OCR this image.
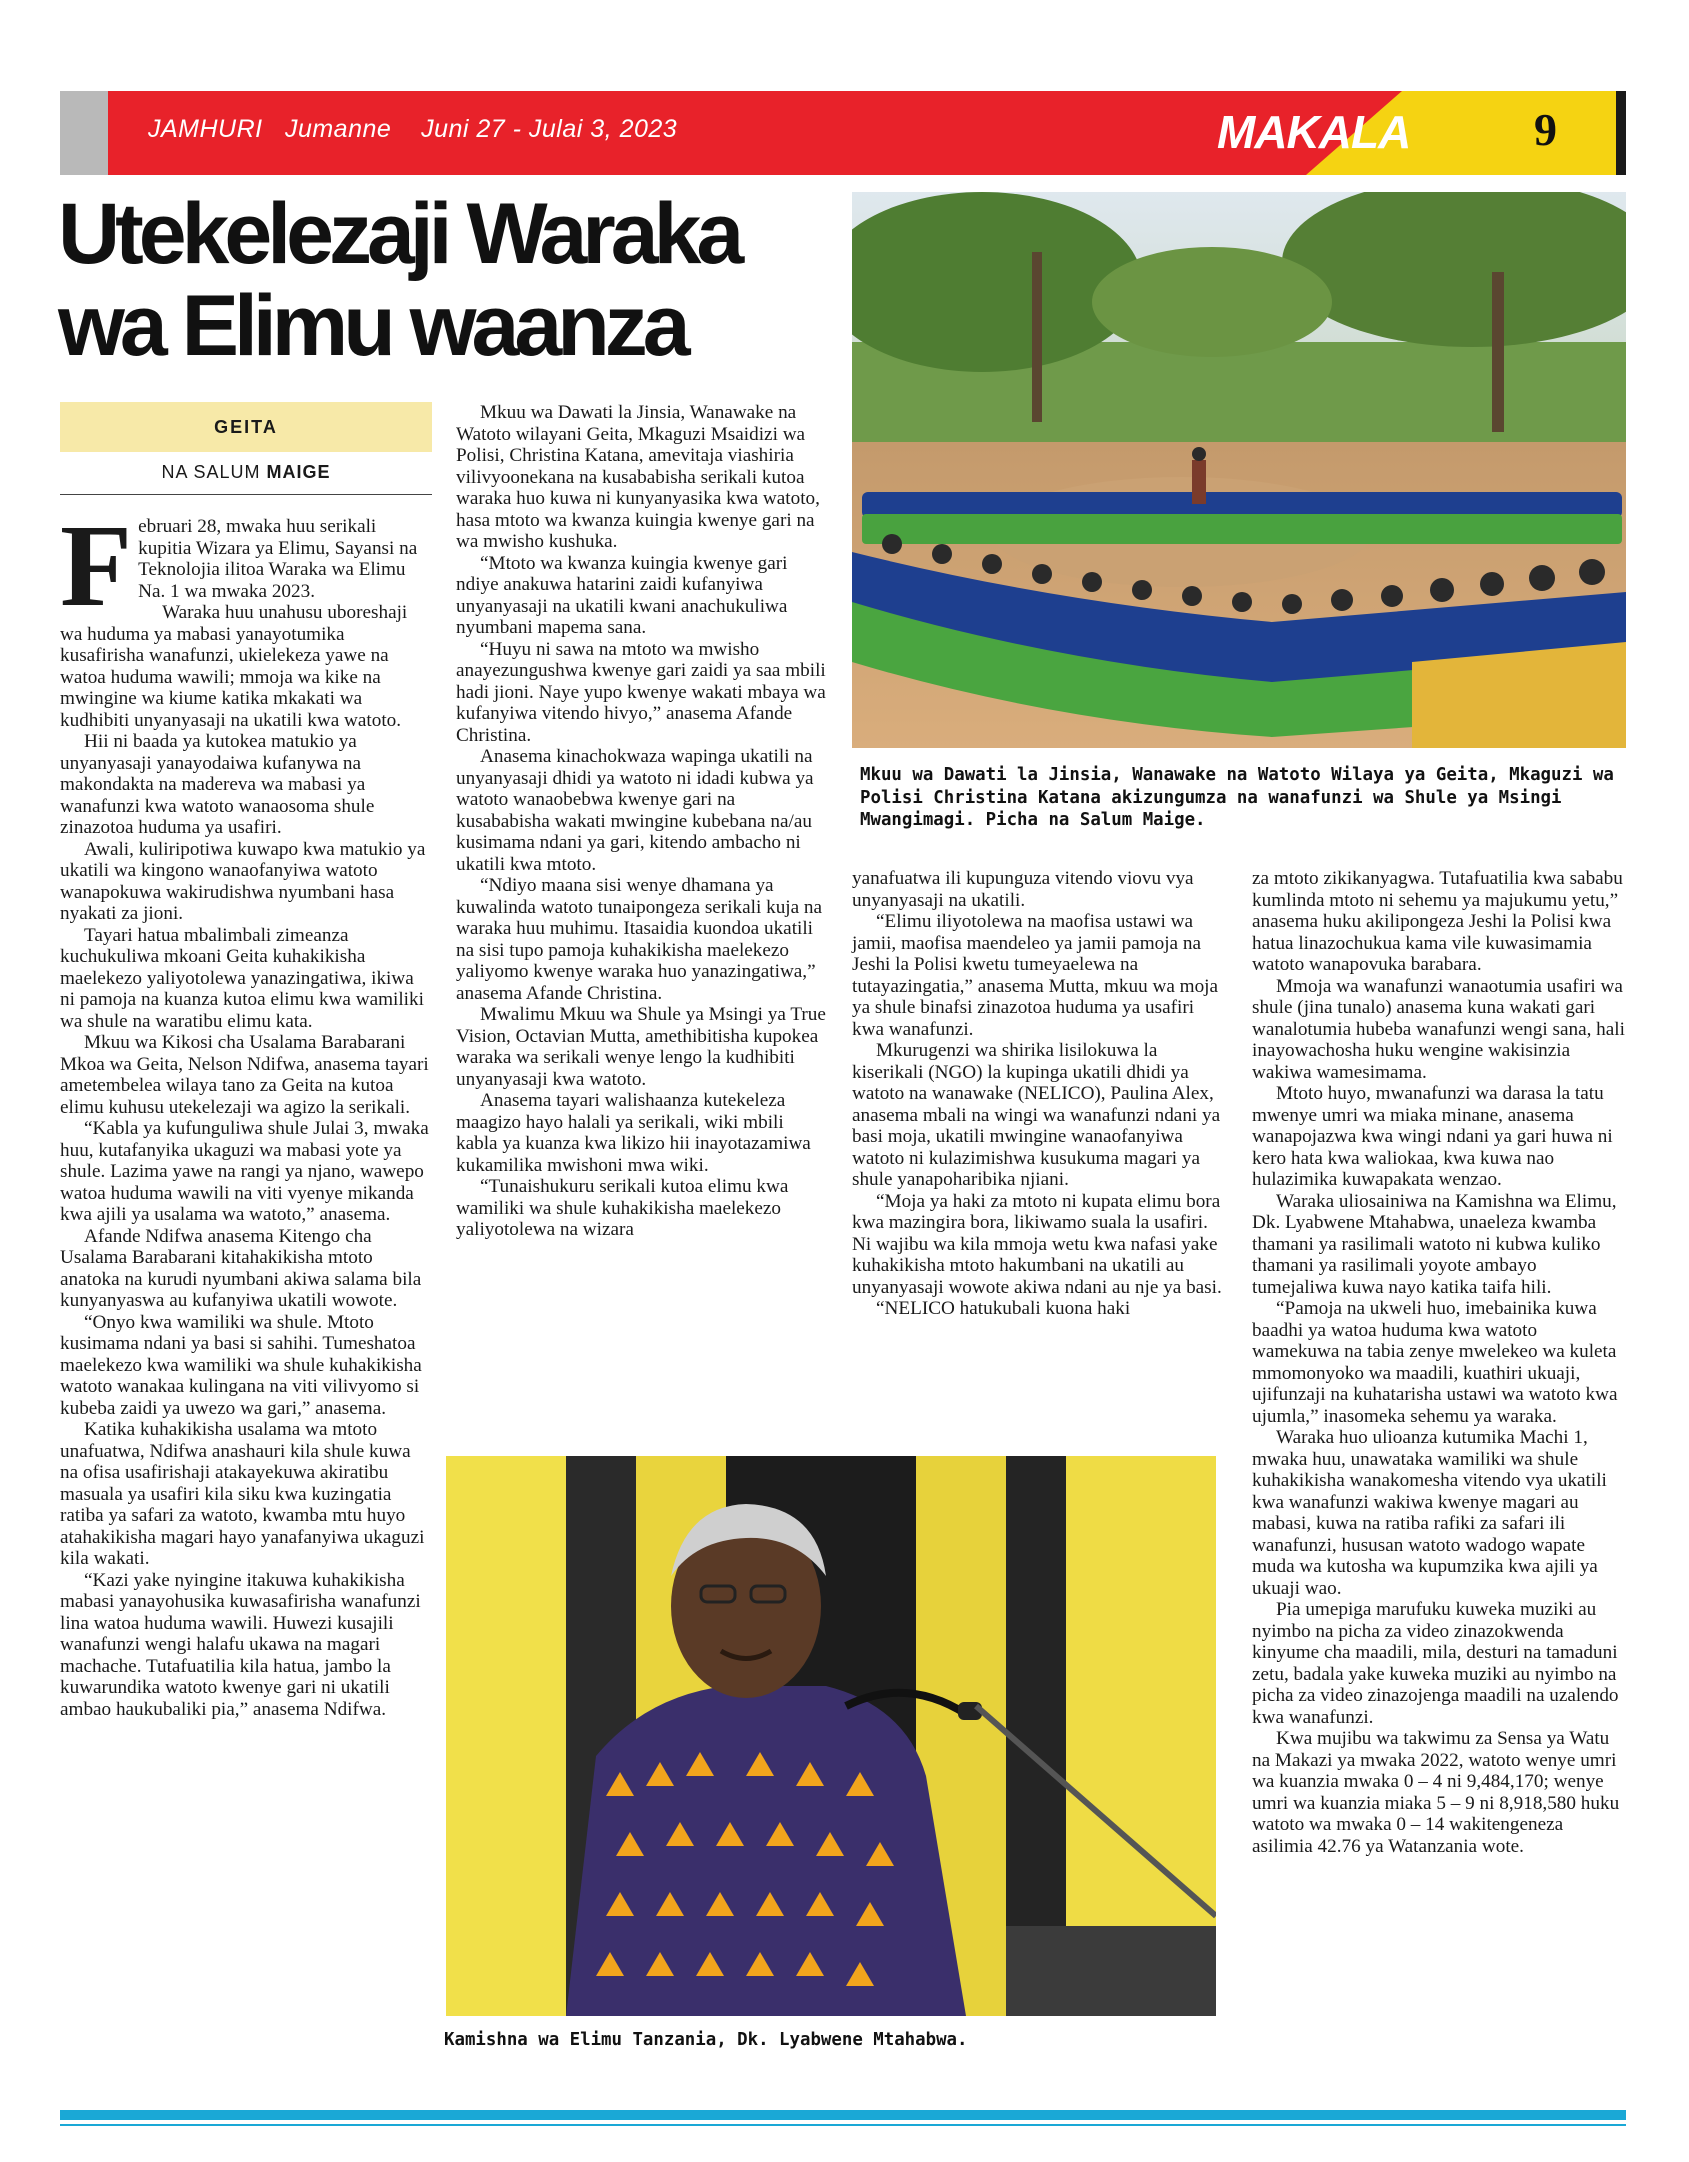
JAMHURI   Jumanne    Juni 27 - Julai 3, 2023	MAKALA	9
Utekelezaji Waraka
wa Elimu waanza
GEITA
NA SALUM MAIGE
Mkuu wa Dawati la Jinsia, Wanawake na Watoto Wilaya ya Geita, Mkaguzi wa Polisi Christina Katana akizungumza na wanafunzi wa Shule ya Msingi Mwangimagi. Picha na Salum Maige.

Februari 28, mwaka huu serikali kupitia Wizara ya Elimu, Sayansi na Teknolojia ilitoa Waraka wa Elimu Na. 1 wa mwaka 2023.

Waraka huu unahusu uboreshaji wa huduma ya mabasi yanayotumika kusafirisha wanafunzi, ukielekeza yawe na watoa huduma wawili; mmoja wa kike na mwingine wa kiume katika mkakati wa kudhibiti unyanyasaji na ukatili kwa watoto.

Hii ni baada ya kutokea matukio ya unyanyasaji yanayodaiwa kufanywa na makondakta na madereva wa mabasi ya wanafunzi kwa watoto wanaosoma shule zinazotoa huduma ya usafiri.

Awali, kuliripotiwa kuwapo kwa matukio ya ukatili wa kingono wanaofanyiwa watoto wanapokuwa wakirudishwa nyumbani hasa nyakati za jioni.

Tayari hatua mbalimbali zimeanza kuchukuliwa mkoani Geita kuhakikisha maelekezo yaliyotolewa yanazingatiwa, ikiwa ni pamoja na kuanza kutoa elimu kwa wamiliki wa shule na waratibu elimu kata.

Mkuu wa Kikosi cha Usalama Barabarani Mkoa wa Geita, Nelson Ndifwa, anasema tayari ametembelea wilaya tano za Geita na kutoa elimu kuhusu utekelezaji wa agizo la serikali.

“Kabla ya kufunguliwa shule Julai 3, mwaka huu, kutafanyika ukaguzi wa mabasi yote ya shule. Lazima yawe na rangi ya njano, wawepo watoa huduma wawili na viti vyenye mikanda kwa ajili ya usalama wa watoto,” anasema.

Afande Ndifwa anasema Kitengo cha Usalama Barabarani kitahakikisha mtoto anatoka na kurudi nyumbani akiwa salama bila kunyanyaswa au kufanyiwa ukatili wowote.

“Onyo kwa wamiliki wa shule. Mtoto kusimama ndani ya basi si sahihi. Tumeshatoa maelekezo kwa wamiliki wa shule kuhakikisha watoto wanakaa kulingana na viti vilivyomo si kubeba zaidi ya uwezo wa gari,” anasema.

Katika kuhakikisha usalama wa mtoto unafuatwa, Ndifwa anashauri kila shule kuwa na ofisa usafirishaji atakayekuwa akiratibu masuala ya usafiri kila siku kwa kuzingatia ratiba ya safari za watoto, kwamba mtu huyo atahakikisha magari hayo yanafanyiwa ukaguzi kila wakati.

“Kazi yake nyingine itakuwa kuhakikisha mabasi yanayohusika kuwasafirisha wanafunzi lina watoa huduma wawili. Huwezi kusajili wanafunzi wengi halafu ukawa na magari machache. Tutafuatilia kila hatua, jambo la kuwarundika watoto kwenye gari ni ukatili ambao haukubaliki pia,” anasema Ndifwa.

Mkuu wa Dawati la Jinsia, Wanawake na Watoto wilayani Geita, Mkaguzi Msaidizi wa Polisi, Christina Katana, amevitaja viashiria vilivyoonekana na kusababisha serikali kutoa waraka huo kuwa ni kunyanyasika kwa watoto, hasa mtoto wa kwanza kuingia kwenye gari na wa mwisho kushuka.

“Mtoto wa kwanza kuingia kwenye gari ndiye anakuwa hatarini zaidi kufanyiwa unyanyasaji na ukatili kwani anachukuliwa nyumbani mapema sana.

“Huyu ni sawa na mtoto wa mwisho anayezungushwa kwenye gari zaidi ya saa mbili hadi jioni. Naye yupo kwenye wakati mbaya wa kufanyiwa vitendo hivyo,” anasema Afande Christina.

Anasema kinachokwaza wapinga ukatili na unyanyasaji dhidi ya watoto ni idadi kubwa ya watoto wanaobebwa kwenye gari na kusababisha wakati mwingine kubebana na/au kusimama ndani ya gari, kitendo ambacho ni ukatili kwa mtoto.

“Ndiyo maana sisi wenye dhamana ya kuwalinda watoto tunaipongeza serikali kuja na waraka huu muhimu. Itasaidia kuondoa ukatili na sisi tupo pamoja kuhakikisha maelekezo yaliyomo kwenye waraka huo yanazingatiwa,” anasema Afande Christina.

Mwalimu Mkuu wa Shule ya Msingi ya True Vision, Octavian Mutta, amethibitisha kupokea waraka wa serikali wenye lengo la kudhibiti unyanyasaji kwa watoto.

Anasema tayari walishaanza kutekeleza maagizo hayo halali ya serikali, wiki mbili kabla ya kuanza kwa likizo hii inayotazamiwa kukamilika mwishoni mwa wiki.

“Tunaishukuru serikali kutoa elimu kwa wamiliki wa shule kuhakikisha maelekezo yaliyotolewa na wizara

yanafuatwa ili kupunguza vitendo viovu vya unyanyasaji na ukatili.

“Elimu iliyotolewa na maofisa ustawi wa jamii, maofisa maendeleo ya jamii pamoja na Jeshi la Polisi kwetu tumeyaelewa na tutayazingatia,” anasema Mutta, mkuu wa moja ya shule binafsi zinazotoa huduma ya usafiri kwa wanafunzi.

Mkurugenzi wa shirika lisilokuwa la kiserikali (NGO) la kupinga ukatili dhidi ya watoto na wanawake (NELICO), Paulina Alex, anasema mbali na wingi wa wanafunzi ndani ya basi moja, ukatili mwingine wanaofanyiwa watoto ni kulazimishwa kusukuma magari ya shule yanapoharibika njiani.

“Moja ya haki za mtoto ni kupata elimu bora kwa mazingira bora, likiwamo suala la usafiri. Ni wajibu wa kila mmoja wetu kwa nafasi yake kuhakikisha mtoto hakumbani na ukatili au unyanyasaji wowote akiwa ndani au nje ya basi.

“NELICO hatukubali kuona haki

za mtoto zikikanyagwa. Tutafuatilia kwa sababu kumlinda mtoto ni sehemu ya majukumu yetu,” anasema huku akilipongeza Jeshi la Polisi kwa hatua linazochukua kama vile kuwasimamia watoto wanapovuka barabara.

Mmoja wa wanafunzi wanaotumia usafiri wa shule (jina tunalo) anasema kuna wakati gari wanalotumia hubeba wanafunzi wengi sana, hali inayowachosha huku wengine wakisinzia wakiwa wamesimama.

Mtoto huyo, mwanafunzi wa darasa la tatu mwenye umri wa miaka minane, anasema wanapojazwa kwa wingi ndani ya gari huwa ni kero hata kwa waliokaa, kwa kuwa nao hulazimika kuwapakata wenzao.

Waraka uliosainiwa na Kamishna wa Elimu, Dk. Lyabwene Mtahabwa, unaeleza kwamba thamani ya rasilimali watoto ni kubwa kuliko thamani ya rasilimali yoyote ambayo tumejaliwa kuwa nayo katika taifa hili.

“Pamoja na ukweli huo, imebainika kuwa baadhi ya watoa huduma kwa watoto wamekuwa na tabia zenye mwelekeo wa kuleta mmomonyoko wa maadili, kuathiri ukuaji, ujifunzaji na kuhatarisha ustawi wa watoto kwa ujumla,” inasomeka sehemu ya waraka.

Waraka huo ulioanza kutumika Machi 1, mwaka huu, unawataka wamiliki wa shule kuhakikisha wanakomesha vitendo vya ukatili kwa wanafunzi wakiwa kwenye magari au mabasi, kuwa na ratiba rafiki za safari ili wanafunzi, hususan watoto wadogo wapate muda wa kutosha wa kupumzika kwa ajili ya ukuaji wao.

Pia umepiga marufuku kuweka muziki au nyimbo na picha za video zinazokwenda kinyume cha maadili, mila, desturi na tamaduni zetu, badala yake kuweka muziki au nyimbo na picha za video zinazojenga maadili na uzalendo kwa wanafunzi.

Kwa mujibu wa takwimu za Sensa ya Watu na Makazi ya mwaka 2022, watoto wenye umri wa kuanzia mwaka 0 – 4 ni 9,484,170; wenye umri wa kuanzia miaka 5 – 9 ni 8,918,580 huku watoto wa mwaka 0 – 14 wakitengeneza asilimia 42.76 ya Watanzania wote.

Kamishna wa Elimu Tanzania, Dk. Lyabwene Mtahabwa.
